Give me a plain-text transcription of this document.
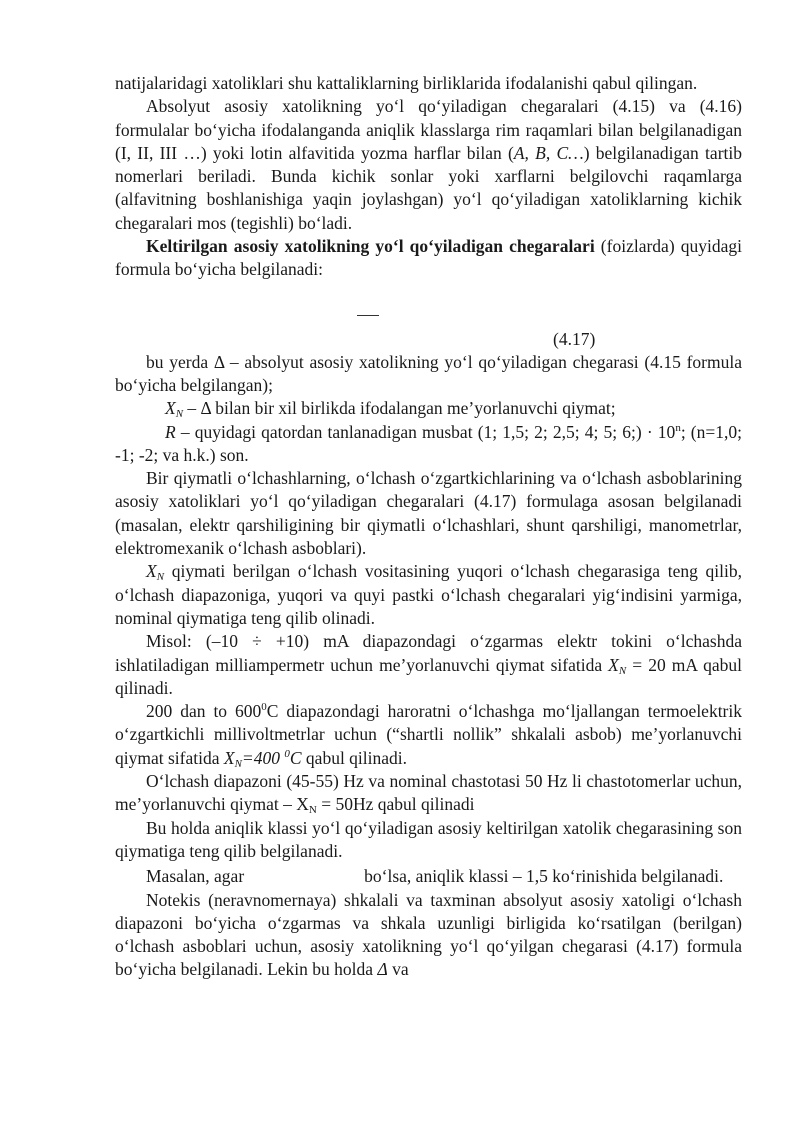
natijalaridagi xatoliklari shu kattaliklarning birliklarida ifodalanishi qabul qilingan.

Absolyut asosiy xatolikning yo‘l qo‘yiladigan chegaralari (4.15) va (4.16) formulalar bo‘yicha ifodalanganda aniqlik klasslarga rim raqamlari bilan belgilanadigan (I, II, III …) yoki lotin alfavitida yozma harflar bilan (A, B, C…) belgilanadigan tartib nomerlari beriladi. Bunda kichik sonlar yoki xarflarni belgilovchi raqamlarga (alfavitning boshlanishiga yaqin joylashgan) yo‘l qo‘yiladigan xatoliklarning kichik chegaralari mos (tegishli) bo‘ladi.

Keltirilgan asosiy xatolikning yo‘l qo‘yiladigan chegaralari (foizlarda) quyidagi formula bo‘yicha belgilanadi:

(4.17)

bu yerda Δ – absolyut asosiy xatolikning yo‘l qo‘yiladigan chegarasi (4.15 formula bo‘yicha belgilangan);

$X_N$ – Δ bilan bir xil birlikda ifodalangan me’yorlanuvchi qiymat;

R – quyidagi qatordan tanlanadigan musbat (1; 1,5; 2; 2,5; 4; 5; 6;) · $10^n$; (n=1,0; -1; -2; va h.k.) son.

Bir qiymatli o‘lchashlarning, o‘lchash o‘zgartkichlarining va o‘lchash asboblarining asosiy xatoliklari yo‘l qo‘yiladigan chegaralari (4.17) formulaga asosan belgilanadi (masalan, elektr qarshiligining bir qiymatli o‘lchashlari, shunt qarshiligi, manometrlar, elektromexanik o‘lchash asboblari).

$X_N$ qiymati berilgan o‘lchash vositasining yuqori o‘lchash chegarasiga teng qilib, o‘lchash diapazoniga, yuqori va quyi pastki o‘lchash chegaralari yig‘indisini yarmiga, nominal qiymatiga teng qilib olinadi.

Misol: (–10 ÷ +10) mA diapazondagi o‘zgarmas elektr tokini o‘lchashda ishlatiladigan milliampermetr uchun me’yorlanuvchi qiymat sifatida $X_N = 20$ mA qabul qilinadi.

200 dan to $600^0C$ diapazondagi haroratni o‘lchashga mo‘ljallangan termoelektrik o‘zgartkichli millivoltmetrlar uchun (“shartli nollik” shkalali asbob) me’yorlanuvchi qiymat sifatida $X_N=400$ $^0$C qabul qilinadi.

O‘lchash diapazoni (45-55) Hz va nominal chastotasi 50 Hz li chastotomerlar uchun, me’yorlanuvchi qiymat – $X_N = 50Hz$ qabul qilinadi

Bu holda aniqlik klassi yo‘l qo‘yiladigan asosiy keltirilgan xatolik chegarasining son qiymatiga teng qilib belgilanadi.

Masalan, agar	bo‘lsa, aniqlik klassi – 1,5 ko‘rinishida belgilanadi.

Notekis (neravnomernaya) shkalali va taxminan absolyut asosiy xatoligi o‘lchash diapazoni bo‘yicha o‘zgarmas va shkala uzunligi birligida ko‘rsatilgan (berilgan) o‘lchash asboblari uchun, asosiy xatolikning yo‘l qo‘yilgan chegarasi (4.17) formula bo‘yicha belgilanadi. Lekin bu holda Δ va
